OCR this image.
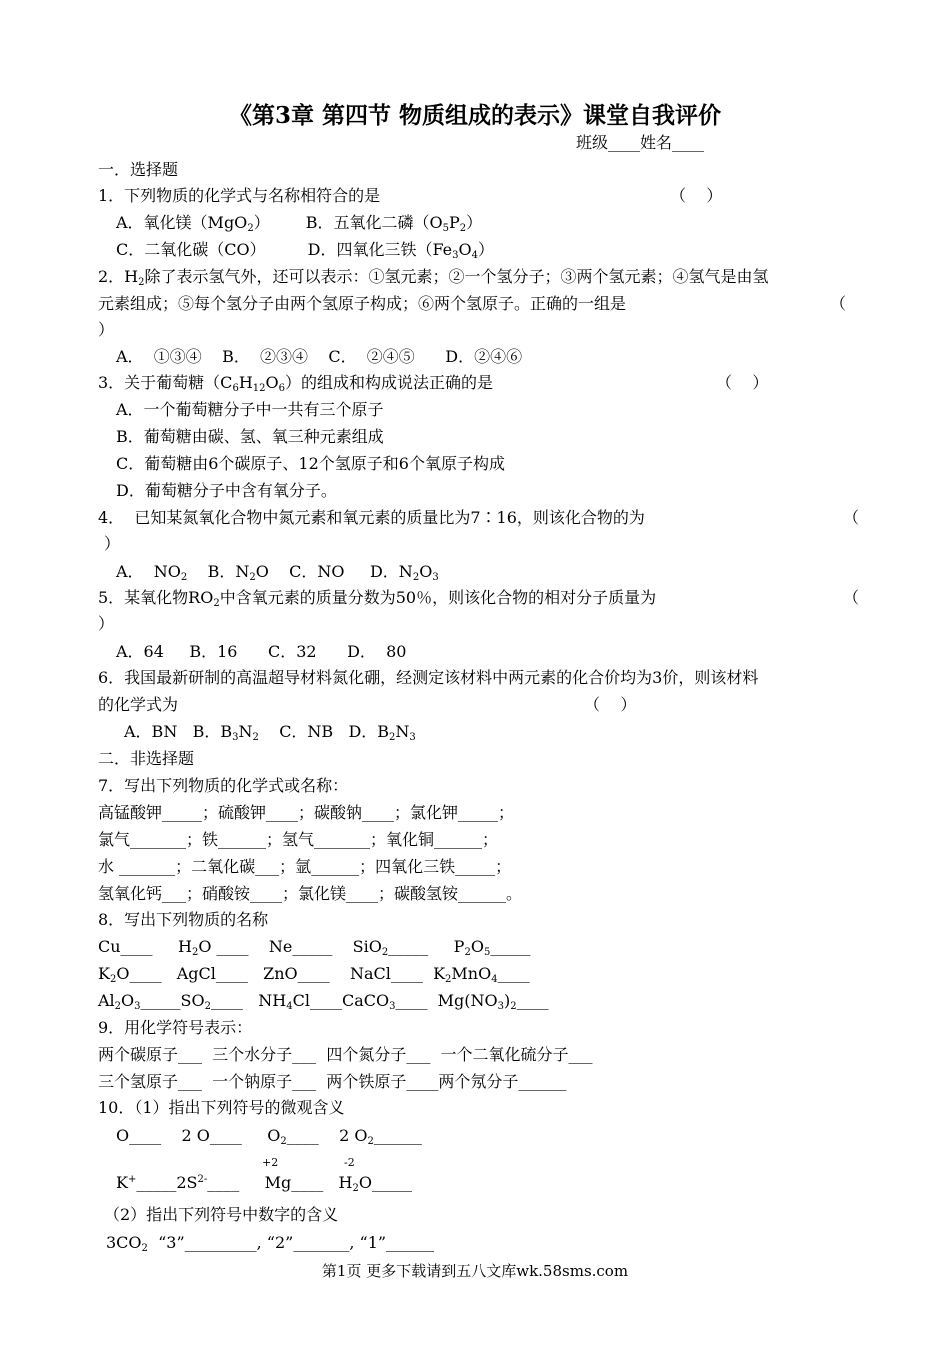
《第3章 第四节 物质组成的表示》课堂自我评价
班级____姓名____
一．选择题
1．下列物质的化学式与名称相符合的是	（    ）
A．氧化镁（MgO$_2$） B．五氧化二磷$(O_5P_2)$
C．二氧化碳（CO）	D．四氧化三铁$(Fe_3O_4)$
2．$H_2$除了表示氢气外，还可以表示：①氢元素；②一个氢分子；③两个氢元素；④氢气是由氢
元素组成；⑤每个氢分子由两个氢原子构成；⑥两个氢原子。正确的一组是	（
）
A．  ①③④    B．  ②③④    C．  ②④⑤      D．②④⑥
3．关于葡萄糖$(C_6H_{12}O_6)$的组成和构成说法正确的是	（    ）
A．一个葡萄糖分子中一共有三个原子
B．葡萄糖由碳、氢、氧三种元素组成
C．葡萄糖由6个碳原子、12个氢原子和6个氧原子构成
D．葡萄糖分子中含有氧分子。
4．  已知某氮氧化合物中氮元素和氧元素的质量比为7∶16，则该化合物的为	（
）
A．  $NO_2$    B．$N_2O$    C．NO     D．$N_2O_3$
5．某氧化物$RO_2$中含氧元素的质量分数为50％，则该化合物的相对分子质量为	（
）
A．64     B．16      C．32      D．  80
6．我国最新研制的高温超导材料氮化硼，经测定该材料中两元素的化合价均为3价，则该材料
的化学式为	（    ）
A．BN   B．$B_3N_2$    C．NB   D．$B_2N_3$
二．非选择题
7．写出下列物质的化学式或名称：
高锰酸钾_____；硫酸钾____；碳酸钠____；氯化钾_____；
氯气_______；铁______；氢气_______；氧化铜______；
水 _______；二氧化碳___；氩______；四氧化三铁_____；
氢氧化钙___；硝酸铵____；氯化镁____；碳酸氢铵______。
8．写出下列物质的名称
Cu____     $H_2O$ ____    Ne_____    SiO$_2$_____     $P_2O_5\_\_\_\_\_$
$K_2O\_\_\_\_$   AgCl____   ZnO____    NaCl____  $K_2MnO_4\_\_\_\_$
$Al_2O_3\_\_\_\_\_SO_2\_\_\_\_$   $NH_4Cl\_\_\_\_CaCO_3\_\_\_\_$  $Mg(NO_3)_2\_\_\_\_$
9．用化学符号表示：
两个碳原子___  三个水分子___  四个氮分子___  一个二氧化硫分子___
三个氢原子___  一个钠原子___  两个铁原子____两个氖分子______
10．（1）指出下列符号的微观含义
O____    2 O____     $O_2\_\_\_\_$    2 $O_2\_\_\_\_\_\_$
+2	-2
$K^+\_\_\_\_\_2S^{2-}\_\_\_\_$     Mg____   $H_2O\_\_\_\_\_$
（2）指出下列符号中数字的含义
$3CO_2$  “3”_________, “2”_______, “1”______
第1页 更多下载请到五八文库wk.58sms.com
